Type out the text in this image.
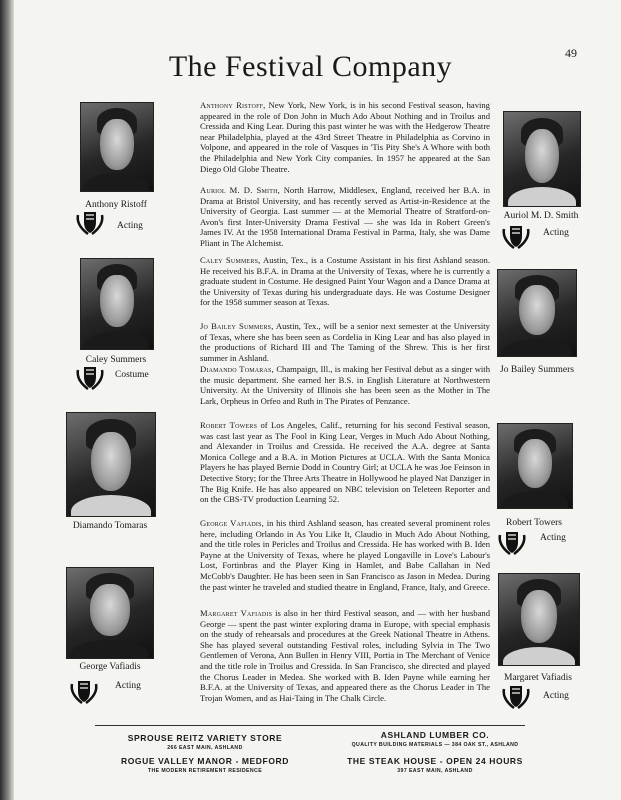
49
The Festival Company
Anthony Ristoff
Acting
Caley Summers
Costume
Diamando Tomaras
George Vafiadis
Acting
Auriol M. D. Smith
Acting
Jo Bailey Summers
Robert Towers
Acting
Margaret Vafiadis
Acting

Anthony Ristoff, New York, New York, is in his second Festival season, having appeared in the role of Don John in Much Ado About Nothing and in Troilus and Cressida and King Lear. During this past winter he was with the Hedgerow Theatre near Philadelphia, played at the 43rd Street Theatre in Philadelphia as Corvino in Volpone, and appeared in the role of Vasques in 'Tis Pity She's A Whore with both the Philadelphia and New York City companies. In 1957 he appeared at the San Diego Old Globe Theatre.

Auriol M. D. Smith, North Harrow, Middlesex, England, received her B.A. in Drama at Bristol University, and has recently served as Artist-in-Residence at the University of Georgia. Last summer — at the Memorial Theatre of Stratford-on-Avon's first Inter-University Drama Festival — she was Ida in Robert Green's James IV. At the 1958 International Drama Festival in Parma, Italy, she was Dame Pliant in The Alchemist.

Caley Summers, Austin, Tex., is a Costume Assistant in his first Ashland season. He received his B.F.A. in Drama at the University of Texas, where he is currently a graduate student in Costume. He designed Paint Your Wagon and a Dance Drama at the University of Texas during his undergraduate days. He was Costume Designer for the 1958 summer season at Texas.

Jo Bailey Summers, Austin, Tex., will be a senior next semester at the University of Texas, where she has been seen as Cordelia in King Lear and has also played in the productions of Richard III and The Taming of the Shrew. This is her first summer in Ashland.

Diamando Tomaras, Champaign, Ill., is making her Festival debut as a singer with the music department. She earned her B.S. in English Literature at Northwestern University. At the University of Illinois she has been seen as the Mother in The Lark, Orpheus in Orfeo and Ruth in The Pirates of Penzance.

Robert Towers of Los Angeles, Calif., returning for his second Festival season, was cast last year as The Fool in King Lear, Verges in Much Ado About Nothing, and Alexander in Troilus and Cressida. He received the A.A. degree at Santa Monica College and a B.A. in Motion Pictures at UCLA. With the Santa Monica Players he has played Bernie Dodd in Country Girl; at UCLA he was Joe Feinson in Detective Story; for the Three Arts Theatre in Hollywood he played Nat Danziger in The Big Knife. He has also appeared on NBC television on Teleteen Reporter and on the CBS-TV production Learning 52.

George Vafiadis, in his third Ashland season, has created several prominent roles here, including Orlando in As You Like It, Claudio in Much Ado About Nothing, and the title roles in Pericles and Troilus and Cressida. He has worked with B. Iden Payne at the University of Texas, where he played Longaville in Love's Labour's Lost, Fortinbras and the Player King in Hamlet, and Babe Callahan in Ned McCobb's Daughter. He has been seen in San Francisco as Jason in Medea. During the past winter he traveled and studied theatre in England, France, Italy, and Greece.

Margaret Vafiadis is also in her third Festival season, and — with her husband George — spent the past winter exploring drama in Europe, with special emphasis on the study of rehearsals and procedures at the Greek National Theatre in Athens. She has played several outstanding Festival roles, including Sylvia in The Two Gentlemen of Verona, Ann Bullen in Henry VIII, Portia in The Merchant of Venice and the title role in Troilus and Cressida. In San Francisco, she directed and played the Chorus Leader in Medea. She worked with B. Iden Payne while earning her B.F.A. at the University of Texas, and appeared there as the Chorus Leader in The Trojan Women, and as Hai-Taing in The Chalk Circle.

SPROUSE REITZ VARIETY STORE
266 EAST MAIN, ASHLAND
ASHLAND LUMBER CO.
QUALITY BUILDING MATERIALS — 384 OAK ST., ASHLAND
ROGUE VALLEY MANOR - MEDFORD
THE MODERN RETIREMENT RESIDENCE
THE STEAK HOUSE - OPEN 24 HOURS
397 EAST MAIN, ASHLAND
